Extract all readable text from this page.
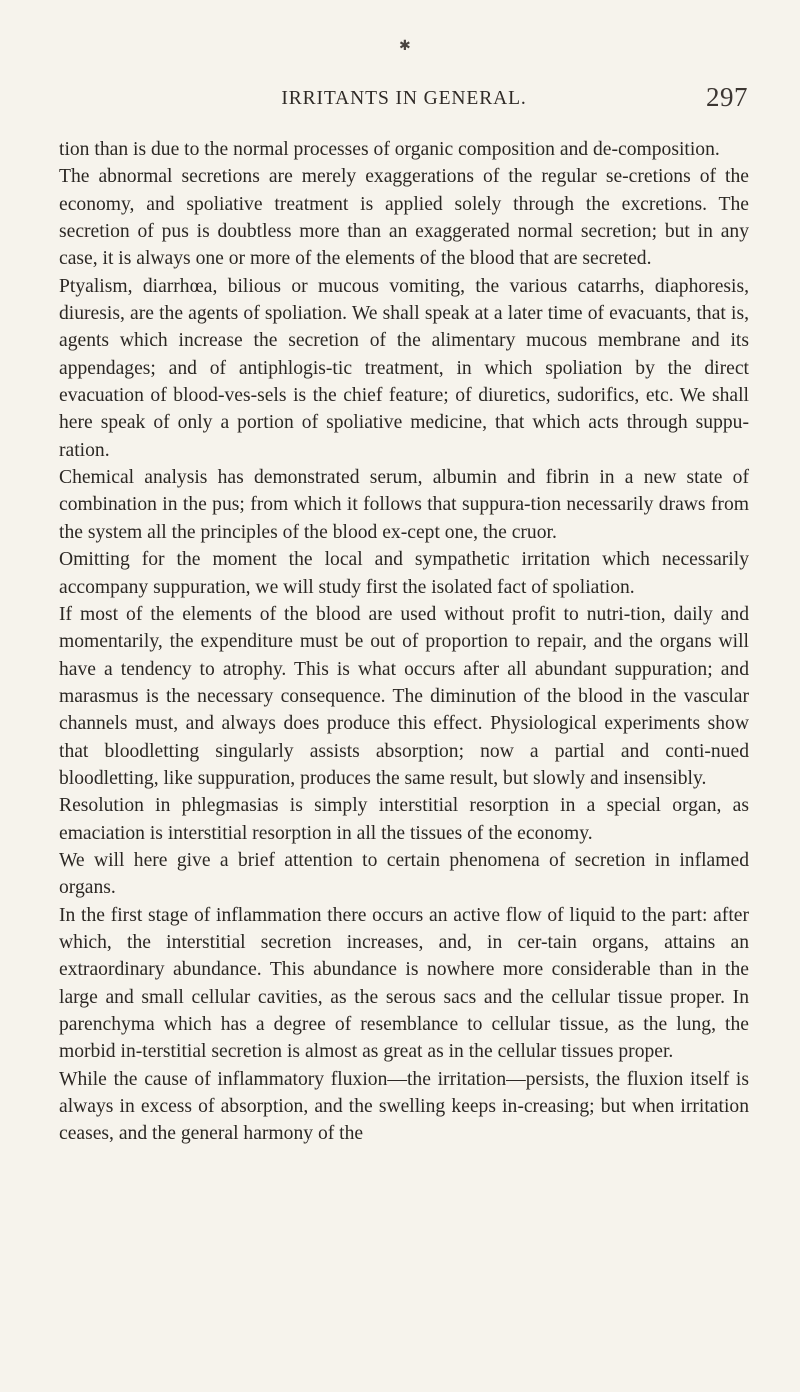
✱
IRRITANTS IN GENERAL.	297

tion than is due to the normal processes of organic composition and de-composition.

The abnormal secretions are merely exaggerations of the regular se-cretions of the economy, and spoliative treatment is applied solely through the excretions. The secretion of pus is doubtless more than an exaggerated normal secretion; but in any case, it is always one or more of the elements of the blood that are secreted.

Ptyalism, diarrhœa, bilious or mucous vomiting, the various catarrhs, diaphoresis, diuresis, are the agents of spoliation. We shall speak at a later time of evacuants, that is, agents which increase the secretion of the alimentary mucous membrane and its appendages; and of antiphlogis-tic treatment, in which spoliation by the direct evacuation of blood-ves-sels is the chief feature; of diuretics, sudorifics, etc. We shall here speak of only a portion of spoliative medicine, that which acts through suppu-ration.

Chemical analysis has demonstrated serum, albumin and fibrin in a new state of combination in the pus; from which it follows that suppura-tion necessarily draws from the system all the principles of the blood ex-cept one, the cruor.

Omitting for the moment the local and sympathetic irritation which necessarily accompany suppuration, we will study first the isolated fact of spoliation.

If most of the elements of the blood are used without profit to nutri-tion, daily and momentarily, the expenditure must be out of proportion to repair, and the organs will have a tendency to atrophy. This is what occurs after all abundant suppuration; and marasmus is the necessary consequence. The diminution of the blood in the vascular channels must, and always does produce this effect. Physiological experiments show that bloodletting singularly assists absorption; now a partial and conti-nued bloodletting, like suppuration, produces the same result, but slowly and insensibly.

Resolution in phlegmasias is simply interstitial resorption in a special organ, as emaciation is interstitial resorption in all the tissues of the economy.

We will here give a brief attention to certain phenomena of secretion in inflamed organs.

In the first stage of inflammation there occurs an active flow of liquid to the part: after which, the interstitial secretion increases, and, in cer-tain organs, attains an extraordinary abundance. This abundance is nowhere more considerable than in the large and small cellular cavities, as the serous sacs and the cellular tissue proper. In parenchyma which has a degree of resemblance to cellular tissue, as the lung, the morbid in-terstitial secretion is almost as great as in the cellular tissues proper.

While the cause of inflammatory fluxion—the irritation—persists, the fluxion itself is always in excess of absorption, and the swelling keeps in-creasing; but when irritation ceases, and the general harmony of the
